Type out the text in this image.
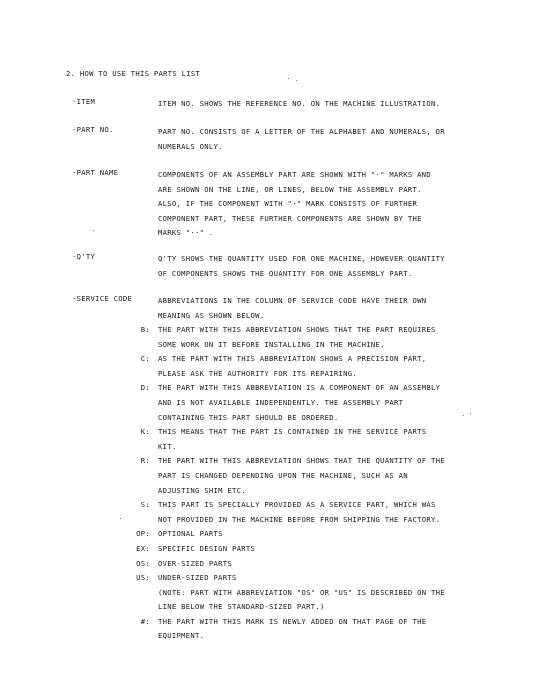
2. HOW TO USE THIS PARTS LIST
·ITEM	ITEM NO. SHOWS THE REFERENCE NO. ON THE MACHINE ILLUSTRATION.
·PART NO.	PART NO. CONSISTS OF A LETTER OF THE ALPHABET AND NUMERALS, OR
NUMERALS ONLY.
·PART NAME	COMPONENTS OF AN ASSEMBLY PART ARE SHOWN WITH "·" MARKS AND
ARE SHOWN ON THE LINE, OR LINES, BELOW THE ASSEMBLY PART.
ALSO, IF THE COMPONENT WITH "·" MARK CONSISTS OF FURTHER
COMPONENT PART, THESE FURTHER COMPONENTS ARE SHOWN BY THE
MARKS "··" .
·Q'TY	Q'TY SHOWS THE QUANTITY USED FOR ONE MACHINE, HOWEVER QUANTITY
OF COMPONENTS SHOWS THE QUANTITY FOR ONE ASSEMBLY PART.
·SERVICE CODE	ABBREVIATIONS IN THE COLUMN OF SERVICE CODE HAVE THEIR OWN
MEANING AS SHOWN BELOW.
B: THE PART WITH THIS ABBREVIATION SHOWS THAT THE PART REQUIRES
SOME WORK ON IT BEFORE INSTALLING IN THE MACHINE.
C: AS THE PART WITH THIS ABBREVIATION SHOWS A PRECISION PART,
PLEASE ASK THE AUTHORITY FOR ITS REPAIRING.
D: THE PART WITH THIS ABBREVIATION IS A COMPONENT OF AN ASSEMBLY
AND IS NOT AVAILABLE INDEPENDENTLY. THE ASSEMBLY PART
CONTAINING THIS PART SHOULD BE ORDERED.
K: THIS MEANS THAT THE PART IS CONTAINED IN THE SERVICE PARTS
KIT.
R: THE PART WITH THIS ABBREVIATION SHOWS THAT THE QUANTITY OF THE
PART IS CHANGED DEPENDING UPON THE MACHINE, SUCH AS AN
ADJUSTING SHIM ETC.
S: THIS PART IS SPECIALLY PROVIDED AS A SERVICE PART, WHICH WAS
NOT PROVIDED IN THE MACHINE BEFORE FROM SHIPPING THE FACTORY.
OP: OPTIONAL PARTS
EX: SPECIFIC DESIGN PARTS
OS: OVER-SIZED PARTS
US: UNDER-SIZED PARTS
(NOTE: PART WITH ABBREVIATION "OS" OR "US" IS DESCRIBED ON THE
LINE BELOW THE STANDARD-SIZED PART.)
#: THE PART WITH THIS MARK IS NEWLY ADDED ON THAT PAGE OF THE
EQUIPMENT.
